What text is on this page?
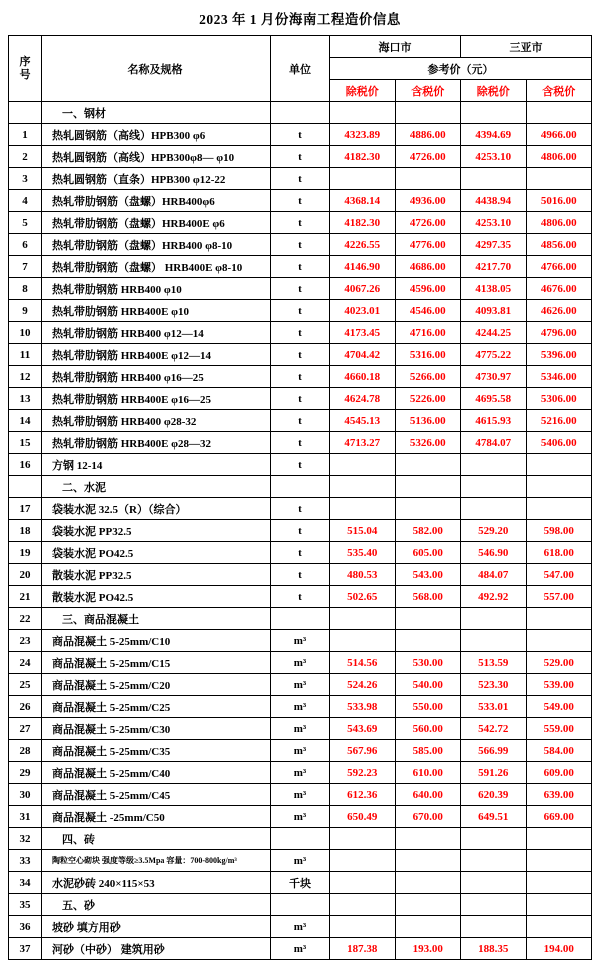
2023 年 1 月份海南工程造价信息
序
号	名称及规格	单位	海口市		三亚市	
			参考价（元）			
			除税价	含税价	除税价	含税价
	一、钢材					
1	热轧圆钢筋（高线）HPB300 φ6	t	4323.89	4886.00	4394.69	4966.00
2	热轧圆钢筋（高线）HPB300φ8— φ10	t	4182.30	4726.00	4253.10	4806.00
3	热轧圆钢筋（直条）HPB300 φ12-22	t				
4	热轧带肋钢筋（盘螺）HRB400φ6	t	4368.14	4936.00	4438.94	5016.00
5	热轧带肋钢筋（盘螺）HRB400E φ6	t	4182.30	4726.00	4253.10	4806.00
6	热轧带肋钢筋（盘螺）HRB400 φ8-10	t	4226.55	4776.00	4297.35	4856.00
7	热轧带肋钢筋（盘螺） HRB400E φ8-10	t	4146.90	4686.00	4217.70	4766.00
8	热轧带肋钢筋 HRB400 φ10	t	4067.26	4596.00	4138.05	4676.00
9	热轧带肋钢筋 HRB400E φ10	t	4023.01	4546.00	4093.81	4626.00
10	热轧带肋钢筋 HRB400 φ12—14	t	4173.45	4716.00	4244.25	4796.00
11	热轧带肋钢筋 HRB400E φ12—14	t	4704.42	5316.00	4775.22	5396.00
12	热轧带肋钢筋 HRB400 φ16—25	t	4660.18	5266.00	4730.97	5346.00
13	热轧带肋钢筋 HRB400E φ16—25	t	4624.78	5226.00	4695.58	5306.00
14	热轧带肋钢筋 HRB400 φ28-32	t	4545.13	5136.00	4615.93	5216.00
15	热轧带肋钢筋 HRB400E φ28—32	t	4713.27	5326.00	4784.07	5406.00
16	方钢 12-14	t				
	二、水泥					
17	袋装水泥 32.5（R）（综合）	t				
18	袋装水泥 PP32.5	t	515.04	582.00	529.20	598.00
19	袋装水泥 PO42.5	t	535.40	605.00	546.90	618.00
20	散装水泥 PP32.5	t	480.53	543.00	484.07	547.00
21	散装水泥 PO42.5	t	502.65	568.00	492.92	557.00
22	三、商品混凝土					
23	商品混凝土 5-25mm/C10	m³				
24	商品混凝土 5-25mm/C15	m³	514.56	530.00	513.59	529.00
25	商品混凝土 5-25mm/C20	m³	524.26	540.00	523.30	539.00
26	商品混凝土 5-25mm/C25	m³	533.98	550.00	533.01	549.00
27	商品混凝土 5-25mm/C30	m³	543.69	560.00	542.72	559.00
28	商品混凝土 5-25mm/C35	m³	567.96	585.00	566.99	584.00
29	商品混凝土 5-25mm/C40	m³	592.23	610.00	591.26	609.00
30	商品混凝土 5-25mm/C45	m³	612.36	640.00	620.39	639.00
31	商品混凝土 -25mm/C50	m³	650.49	670.00	649.51	669.00
32	四、砖					
33	陶粒空心砌块 强度等级≥3.5Mpa 容量：700-800kg/m³	m³				
34	水泥砂砖 240×115×53	千块				
35	五、砂					
36	坡砂 填方用砂	m³				
37	河砂（中砂） 建筑用砂	m³	187.38	193.00	188.35	194.00
